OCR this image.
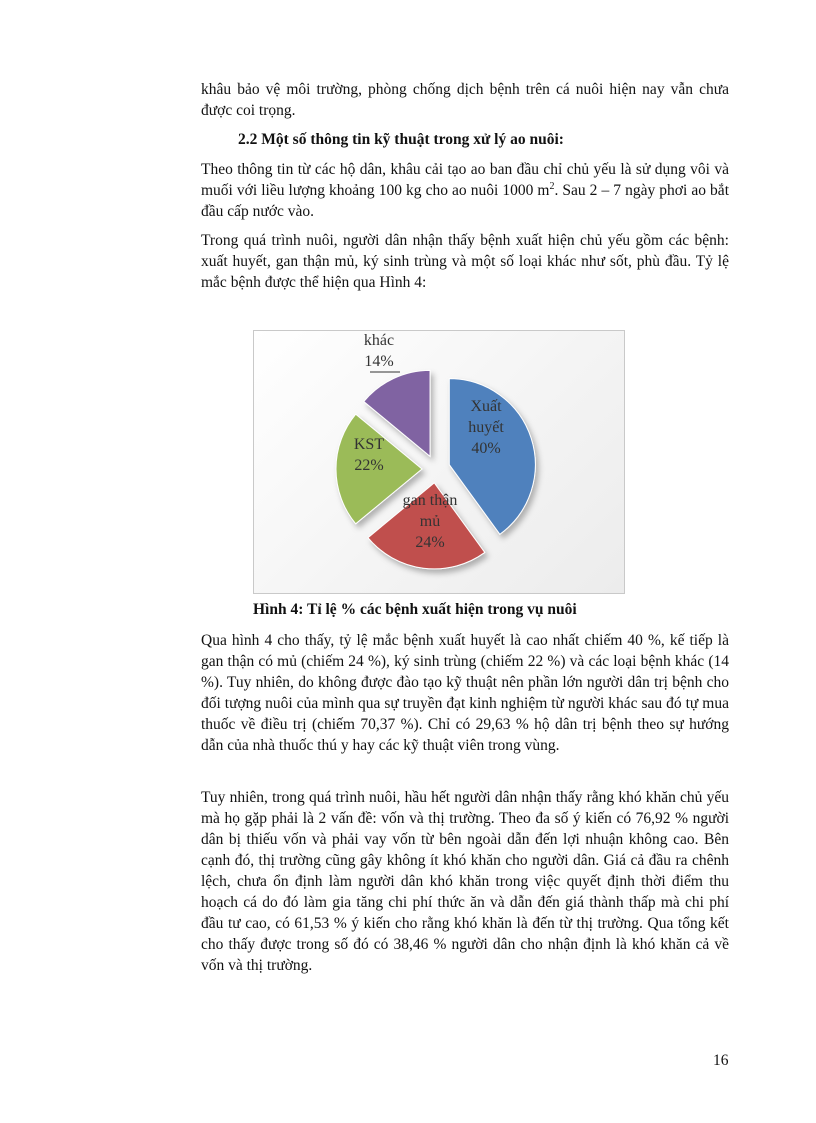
khâu bảo vệ môi trường, phòng chống dịch bệnh trên cá nuôi hiện nay vẫn chưa được coi trọng.

2.2 Một số thông tin kỹ thuật trong xử lý ao nuôi:

Theo thông tin từ các hộ dân, khâu cải tạo ao ban đầu chỉ chủ yếu là sử dụng vôi và muối với liều lượng khoảng 100 kg cho ao nuôi 1000 $m^2$. Sau 2 – 7 ngày phơi ao bắt đầu cấp nước vào.

Trong quá trình nuôi, người dân nhận thấy bệnh xuất hiện chủ yếu gồm các bệnh: xuất huyết, gan thận mủ, ký sinh trùng và một số loại khác như sốt, phù đầu. Tỷ lệ mắc bệnh được thể hiện qua Hình 4:

Xuất huyết 40%
gan thận mủ 24%
KST 22%
khác 14%

Hình 4: Tỉ lệ % các bệnh xuất hiện trong vụ nuôi

Qua hình 4 cho thấy, tỷ lệ mắc bệnh xuất huyết là cao nhất chiếm 40 %, kế tiếp là gan thận có mủ (chiếm 24 %), ký sinh trùng (chiếm 22 %) và các loại bệnh khác (14 %). Tuy nhiên, do không được đào tạo kỹ thuật nên phần lớn người dân trị bệnh cho đối tượng nuôi của mình qua sự truyền đạt kinh nghiệm từ người khác sau đó tự mua thuốc về điều trị (chiếm 70,37 %). Chỉ có 29,63 % hộ dân trị bệnh theo sự hướng dẫn của nhà thuốc thú y hay các kỹ thuật viên trong vùng.

Tuy nhiên, trong quá trình nuôi, hầu hết người dân nhận thấy rằng khó khăn chủ yếu mà họ gặp phải là 2 vấn đề: vốn và thị trường. Theo đa số ý kiến có 76,92 % người dân bị thiếu vốn và phải vay vốn từ bên ngoài dẫn đến lợi nhuận không cao. Bên cạnh đó, thị trường cũng gây không ít khó khăn cho người dân. Giá cả đầu ra chênh lệch, chưa ổn định làm người dân khó khăn trong việc quyết định thời điểm thu hoạch cá do đó làm gia tăng chi phí thức ăn và dẫn đến giá thành thấp mà chi phí đầu tư cao, có 61,53 % ý kiến cho rằng khó khăn là đến từ thị trường. Qua tổng kết cho thấy được trong số đó có 38,46 % người dân cho nhận định là khó khăn cả về vốn và thị trường.

16
